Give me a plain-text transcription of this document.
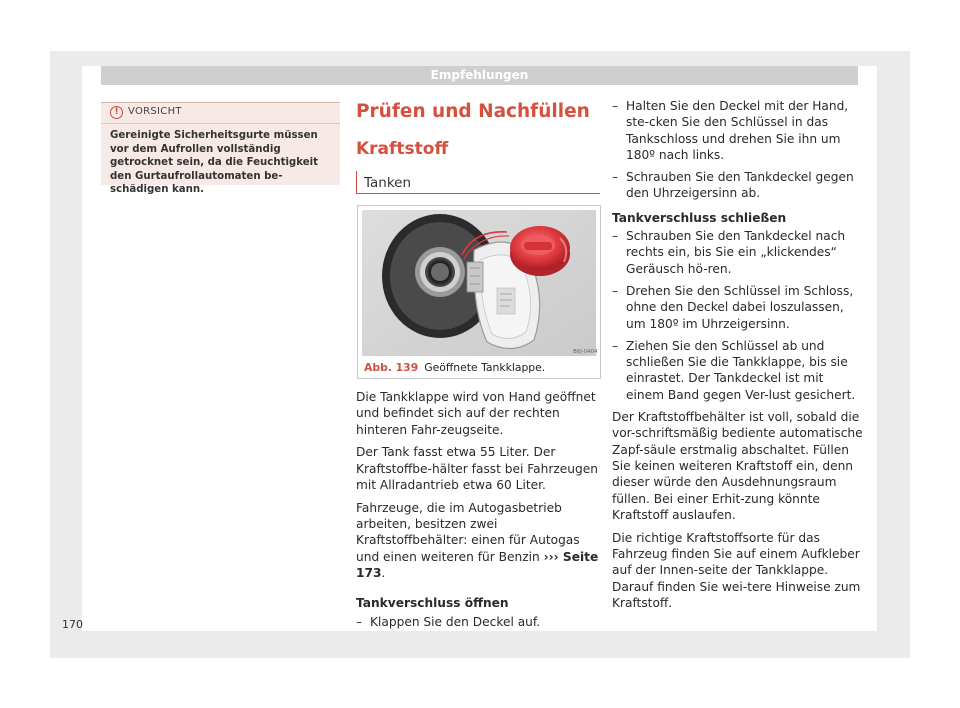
Empfehlungen
! VORSICHT
Gereinigte Sicherheitsgurte müssen vor dem Aufrollen vollständig getrocknet sein, da die Feuchtigkeit den Gurtaufrollautomaten be-schädigen kann.
Prüfen und Nachfüllen
Kraftstoff
Tanken
B6J-0404
Abb. 139 Geöffnete Tankklappe.

Die Tankklappe wird von Hand geöffnet und befindet sich auf der rechten hinteren Fahr-zeugseite.

Der Tank fasst etwa 55 Liter. Der Kraftstoffbe-hälter fasst bei Fahrzeugen mit Allradantrieb etwa 60 Liter.

Fahrzeuge, die im Autogasbetrieb arbeiten, besitzen zwei Kraftstoffbehälter: einen für Autogas und einen weiteren für Benzin ››› Seite 173.

Tankverschluss öffnen

– Klappen Sie den Deckel auf.
– Halten Sie den Deckel mit der Hand, ste-cken Sie den Schlüssel in das Tankschloss und drehen Sie ihn um 180º nach links.
– Schrauben Sie den Tankdeckel gegen den Uhrzeigersinn ab.

Tankverschluss schließen

– Schrauben Sie den Tankdeckel nach rechts ein, bis Sie ein „klickendes“ Geräusch hö-ren.
– Drehen Sie den Schlüssel im Schloss, ohne den Deckel dabei loszulassen, um 180º im Uhrzeigersinn.
– Ziehen Sie den Schlüssel ab und schließen Sie die Tankklappe, bis sie einrastet. Der Tankdeckel ist mit einem Band gegen Ver-lust gesichert.

Der Kraftstoffbehälter ist voll, sobald die vor-schriftsmäßig bediente automatische Zapf-säule erstmalig abschaltet. Füllen Sie keinen weiteren Kraftstoff ein, denn dieser würde den Ausdehnungsraum füllen. Bei einer Erhit-zung könnte Kraftstoff auslaufen.

Die richtige Kraftstoffsorte für das Fahrzeug finden Sie auf einem Aufkleber auf der Innen-seite der Tankklappe. Darauf finden Sie wei-tere Hinweise zum Kraftstoff.

170
